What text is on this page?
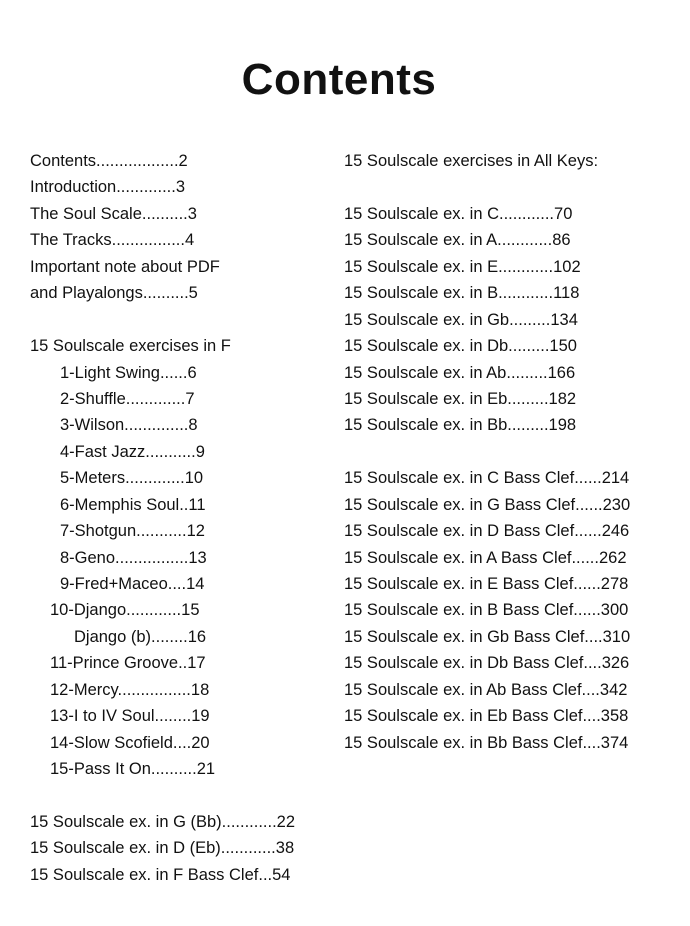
Contents
Contents..................2
Introduction.............3
The Soul Scale..........3
The Tracks................4
Important note about PDF
and Playalongs..........5
15 Soulscale exercises in F
1-Light Swing......6
2-Shuffle.............7
3-Wilson..............8
4-Fast Jazz...........9
5-Meters.............10
6-Memphis Soul..11
7-Shotgun...........12
8-Geno................13
9-Fred+Maceo....14
10-Django............15
Django (b)........16
11-Prince Groove..17
12-Mercy................18
13-I to IV Soul........19
14-Slow Scofield....20
15-Pass It On..........21
15 Soulscale ex. in G (Bb)............22
15 Soulscale ex. in D (Eb)............38
15 Soulscale ex. in F Bass Clef...54
15 Soulscale exercises in All Keys:
15 Soulscale ex. in C............70
15 Soulscale ex. in A............86
15 Soulscale ex. in E............102
15 Soulscale ex. in B............118
15 Soulscale ex. in Gb.........134
15 Soulscale ex. in Db.........150
15 Soulscale ex. in Ab.........166
15 Soulscale ex. in Eb.........182
15 Soulscale ex. in Bb.........198
15 Soulscale ex. in C Bass Clef......214
15 Soulscale ex. in G Bass Clef......230
15 Soulscale ex. in D Bass Clef......246
15 Soulscale ex. in A Bass Clef......262
15 Soulscale ex. in E Bass Clef......278
15 Soulscale ex. in B Bass Clef......300
15 Soulscale ex. in Gb Bass Clef....310
15 Soulscale ex. in Db Bass Clef....326
15 Soulscale ex. in Ab Bass Clef....342
15 Soulscale ex. in Eb Bass Clef....358
15 Soulscale ex. in Bb Bass Clef....374
